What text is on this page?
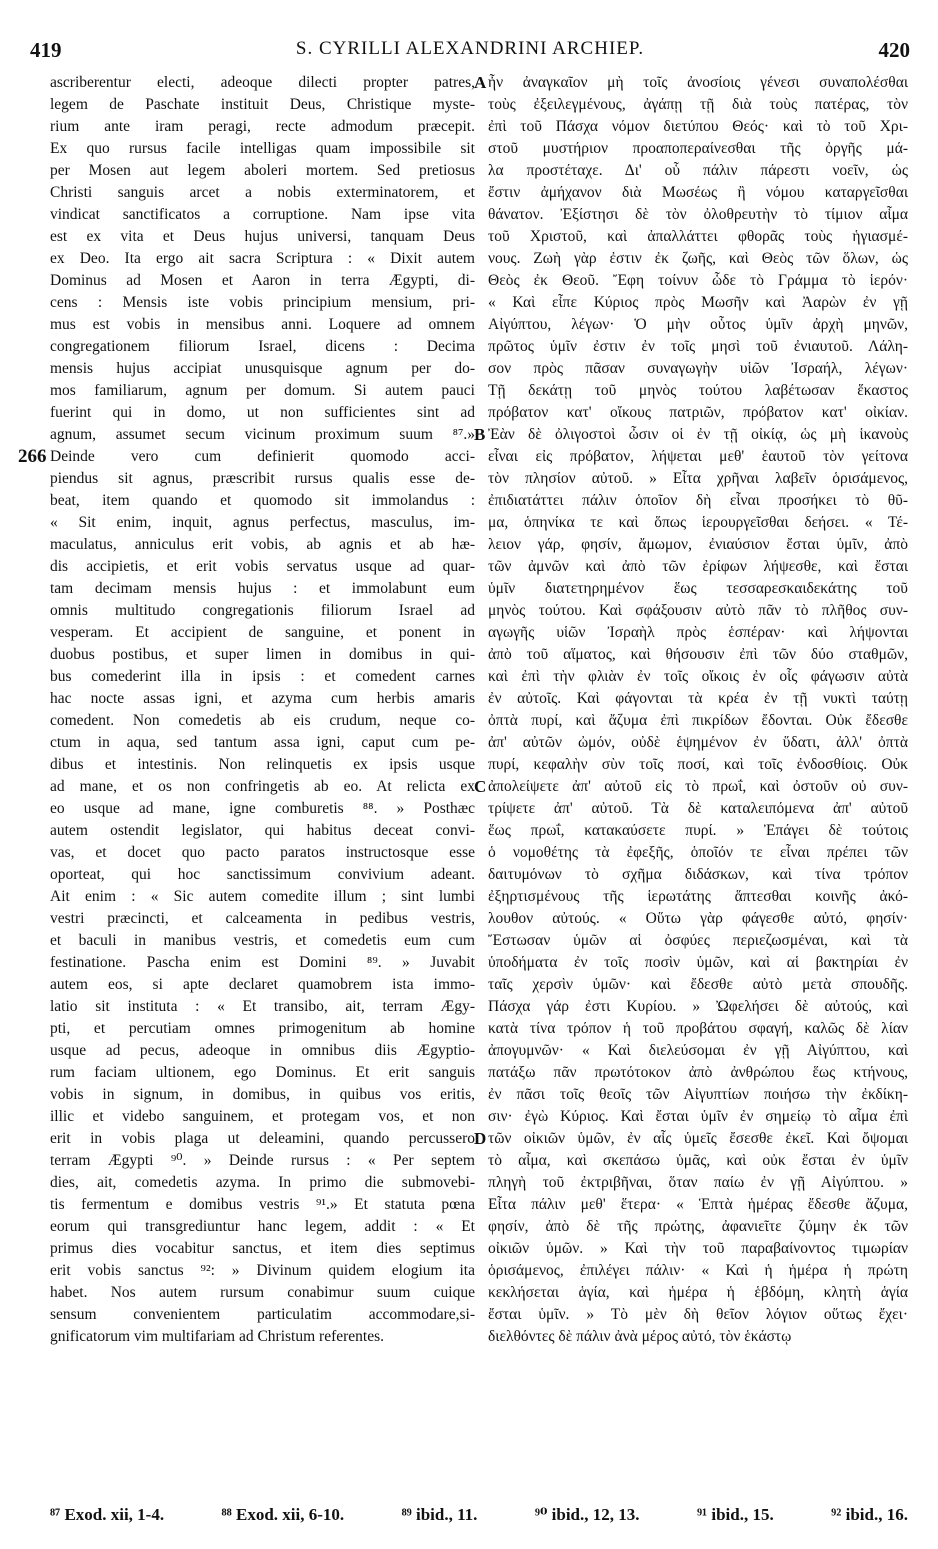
419	S. CYRILLI ALEXANDRINI ARCHIEP.	420
ascriberentur electi, adeoque dilecti propter patres,
legem de Paschate instituit Deus, Christique myste-
rium ante iram peragi, recte admodum præcepit.
Ex quo rursus facile intelligas quam impossibile sit
per Mosen aut legem aboleri mortem. Sed pretiosus
Christi sanguis arcet a nobis exterminatorem, et
vindicat sanctificatos a corruptione. Nam ipse vita
est ex vita et Deus hujus universi, tanquam Deus
ex Deo. Ita ergo ait sacra Scriptura : « Dixit autem
Dominus ad Mosen et Aaron in terra Ægypti, di-
cens : Mensis iste vobis principium mensium, pri-
mus est vobis in mensibus anni. Loquere ad omnem
congregationem filiorum Israel, dicens : Decima
mensis hujus accipiat unusquisque agnum per do-
mos familiarum, agnum per domum. Si autem pauci
fuerint qui in domo, ut non sufficientes sint ad
agnum, assumet secum vicinum proximum suum ⁸⁷.»
Deinde vero cum definierit quomodo acci-
piendus sit agnus, præscribit rursus qualis esse de-
beat, item quando et quomodo sit immolandus :
« Sit enim, inquit, agnus perfectus, masculus, im-
maculatus, anniculus erit vobis, ab agnis et ab hæ-
dis accipietis, et erit vobis servatus usque ad quar-
tam decimam mensis hujus : et immolabunt eum
omnis multitudo congregationis filiorum Israel ad
vesperam. Et accipient de sanguine, et ponent in
duobus postibus, et super limen in domibus in qui-
bus comederint illa in ipsis : et comedent carnes
hac nocte assas igni, et azyma cum herbis amaris
comedent. Non comedetis ab eis crudum, neque co-
ctum in aqua, sed tantum assa igni, caput cum pe-
dibus et intestinis. Non relinquetis ex ipsis usque
ad mane, et os non confringetis ab eo. At relicta ex
eo usque ad mane, igne comburetis ⁸⁸. » Posthæc
autem ostendit legislator, qui habitus deceat convi-
vas, et docet quo pacto paratos instructosque esse
oporteat, qui hoc sanctissimum convivium adeant.
Ait enim : « Sic autem comedite illum ; sint lumbi
vestri præcincti, et calceamenta in pedibus vestris,
et baculi in manibus vestris, et comedetis eum cum
festinatione. Pascha enim est Domini ⁸⁹. » Juvabit
autem eos, si apte declaret quamobrem ista immo-
latio sit instituta : « Et transibo, ait, terram Ægy-
pti, et percutiam omnes primogenitum ab homine
usque ad pecus, adeoque in omnibus diis Ægyptio-
rum faciam ultionem, ego Dominus. Et erit sanguis
vobis in signum, in domibus, in quibus vos eritis,
illic et videbo sanguinem, et protegam vos, et non
erit in vobis plaga ut deleamini, quando percussero
terram Ægypti ⁹⁰. » Deinde rursus : « Per septem
dies, ait, comedetis azyma. In primo die submovebi-
tis fermentum e domibus vestris ⁹¹.» Et statuta pœna
eorum qui transgrediuntur hanc legem, addit : « Et
primus dies vocabitur sanctus, et item dies septimus
erit vobis sanctus ⁹²: » Divinum quidem elogium ita
habet. Nos autem rursum conabimur suum cuique
sensum convenientem particulatim accommodare,si-
gnificatorum vim multifariam ad Christum referentes.
ἦν ἀναγκαῖον μὴ τοῖς ἀνοσίοις γένεσι συναπολέσθαι
τοὺς ἐξειλεγμένους, ἀγάπῃ τῇ διὰ τοὺς πατέρας, τὸν
ἐπὶ τοῦ Πάσχα νόμον διετύπου Θεός· καὶ τὸ τοῦ Χρι-
στοῦ μυστήριον προαποπεραίνεσθαι τῆς ὀργῆς μά-
λα προστέταχε. Δι' οὗ πάλιν πάρεστι νοεῖν, ὡς
ἔστιν ἀμήχανον διὰ Μωσέως ἢ νόμου καταργεῖσθαι
θάνατον. Ἐξίστησι δὲ τὸν ὀλοθρευτὴν τὸ τίμιον αἷμα
τοῦ Χριστοῦ, καὶ ἀπαλλάττει φθορᾶς τοὺς ἡγιασμέ-
νους. Ζωὴ γὰρ ἐστιν ἐκ ζωῆς, καὶ Θεὸς τῶν ὅλων, ὡς
Θεὸς ἐκ Θεοῦ. Ἔφη τοίνυν ὧδε τὸ Γράμμα τὸ ἱερόν·
« Καὶ εἶπε Κύριος πρὸς Μωσῆν καὶ Ἀαρὼν ἐν γῇ
Αἰγύπτου, λέγων· Ὁ μὴν οὗτος ὑμῖν ἀρχὴ μηνῶν,
πρῶτος ὑμῖν ἐστιν ἐν τοῖς μησὶ τοῦ ἐνιαυτοῦ. Λάλη-
σον πρὸς πᾶσαν συναγωγὴν υἱῶν Ἰσραήλ, λέγων·
Τῇ δεκάτῃ τοῦ μηνὸς τούτου λαβέτωσαν ἕκαστος
πρόβατον κατ' οἴκους πατριῶν, πρόβατον κατ' οἰκίαν.
Ἐὰν δὲ ὀλιγοστοὶ ὦσιν οἱ ἐν τῇ οἰκίᾳ, ὡς μὴ ἱκανοὺς
εἶναι εἰς πρόβατον, λήψεται μεθ' ἑαυτοῦ τὸν γείτονα
τὸν πλησίον αὐτοῦ. » Εἶτα χρῆναι λαβεῖν ὁρισάμενος,
ἐπιδιατάττει πάλιν ὁποῖον δὴ εἶναι προσήκει τὸ θῦ-
μα, ὁπηνίκα τε καὶ ὅπως ἱερουργεῖσθαι δεήσει. « Τέ-
λειον γάρ, φησίν, ἄμωμον, ἐνιαύσιον ἔσται ὑμῖν, ἀπὸ
τῶν ἀμνῶν καὶ ἀπὸ τῶν ἐρίφων λήψεσθε, καὶ ἔσται
ὑμῖν διατετηρημένον ἕως τεσσαρεσκαιδεκάτης τοῦ
μηνὸς τούτου. Καὶ σφάξουσιν αὐτὸ πᾶν τὸ πλῆθος συν-
αγωγῆς υἱῶν Ἰσραὴλ πρὸς ἑσπέραν· καὶ λήψονται
ἀπὸ τοῦ αἵματος, καὶ θήσουσιν ἐπὶ τῶν δύο σταθμῶν,
καὶ ἐπὶ τὴν φλιὰν ἐν τοῖς οἴκοις ἐν οἷς φάγωσιν αὐτὰ
ἐν αὐτοῖς. Καὶ φάγονται τὰ κρέα ἐν τῇ νυκτὶ ταύτῃ
ὀπτὰ πυρί, καὶ ἄζυμα ἐπὶ πικρίδων ἔδονται. Οὐκ ἔδεσθε
ἀπ' αὐτῶν ὠμόν, οὐδὲ ἑψημένον ἐν ὕδατι, ἀλλ' ὀπτὰ
πυρί, κεφαλὴν σὺν τοῖς ποσί, καὶ τοῖς ἐνδοσθίοις. Οὐκ
ἀπολείψετε ἀπ' αὐτοῦ εἰς τὸ πρωΐ, καὶ ὀστοῦν οὐ συν-
τρίψετε ἀπ' αὐτοῦ. Τὰ δὲ καταλειπόμενα ἀπ' αὐτοῦ
ἕως πρωΐ, κατακαύσετε πυρί. » Ἐπάγει δὲ τούτοις
ὁ νομοθέτης τὰ ἐφεξῆς, ὁποῖόν τε εἶναι πρέπει τῶν
δαιτυμόνων τὸ σχῆμα διδάσκων, καὶ τίνα τρόπον
ἐξηρτισμένους τῆς ἱερωτάτης ἅπτεσθαι κοινῆς ἀκό-
λουθον αὐτούς. « Οὕτω γὰρ φάγεσθε αὐτό, φησίν·
Ἔστωσαν ὑμῶν αἱ ὀσφύες περιεζωσμέναι, καὶ τὰ
ὑποδήματα ἐν τοῖς ποσὶν ὑμῶν, καὶ αἱ βακτηρίαι ἐν
ταῖς χερσὶν ὑμῶν· καὶ ἔδεσθε αὐτὸ μετὰ σπουδῆς.
Πάσχα γάρ ἐστι Κυρίου. » Ὠφελήσει δὲ αὐτούς, καὶ
κατὰ τίνα τρόπον ἡ τοῦ προβάτου σφαγή, καλῶς δὲ λίαν
ἀπογυμνῶν· « Καὶ διελεύσομαι ἐν γῇ Αἰγύπτου, καὶ
πατάξω πᾶν πρωτότοκον ἀπὸ ἀνθρώπου ἕως κτήνους,
ἐν πᾶσι τοῖς θεοῖς τῶν Αἰγυπτίων ποιήσω τὴν ἐκδίκη-
σιν· ἐγὼ Κύριος. Καὶ ἔσται ὑμῖν ἐν σημείῳ τὸ αἷμα ἐπὶ
τῶν οἰκιῶν ὑμῶν, ἐν αἷς ὑμεῖς ἔσεσθε ἐκεῖ. Καὶ ὄψομαι
τὸ αἷμα, καὶ σκεπάσω ὑμᾶς, καὶ οὐκ ἔσται ἐν ὑμῖν
πληγὴ τοῦ ἐκτριβῆναι, ὅταν παίω ἐν γῇ Αἰγύπτου. »
Εἶτα πάλιν μεθ' ἕτερα· « Ἑπτὰ ἡμέρας ἔδεσθε ἄζυμα,
φησίν, ἀπὸ δὲ τῆς πρώτης, ἀφανιεῖτε ζύμην ἐκ τῶν
οἰκιῶν ὑμῶν. » Καὶ τὴν τοῦ παραβαίνοντος τιμωρίαν
ὁρισάμενος, ἐπιλέγει πάλιν· « Καὶ ἡ ἡμέρα ἡ πρώτη
κεκλήσεται ἁγία, καὶ ἡμέρα ἡ ἑβδόμη, κλητὴ ἁγία
ἔσται ὑμῖν. » Τὸ μὲν δὴ θεῖον λόγιον οὕτως ἔχει·
διελθόντες δὲ πάλιν ἀνὰ μέρος αὐτό, τὸν ἑκάστῳ
A
B
C
D
266
⁸⁷ Exod. xii, 1-4.	⁸⁸ Exod. xii, 6-10.	⁸⁹ ibid., 11.	⁹⁰ ibid., 12, 13.	⁹¹ ibid., 15.	⁹² ibid., 16.
